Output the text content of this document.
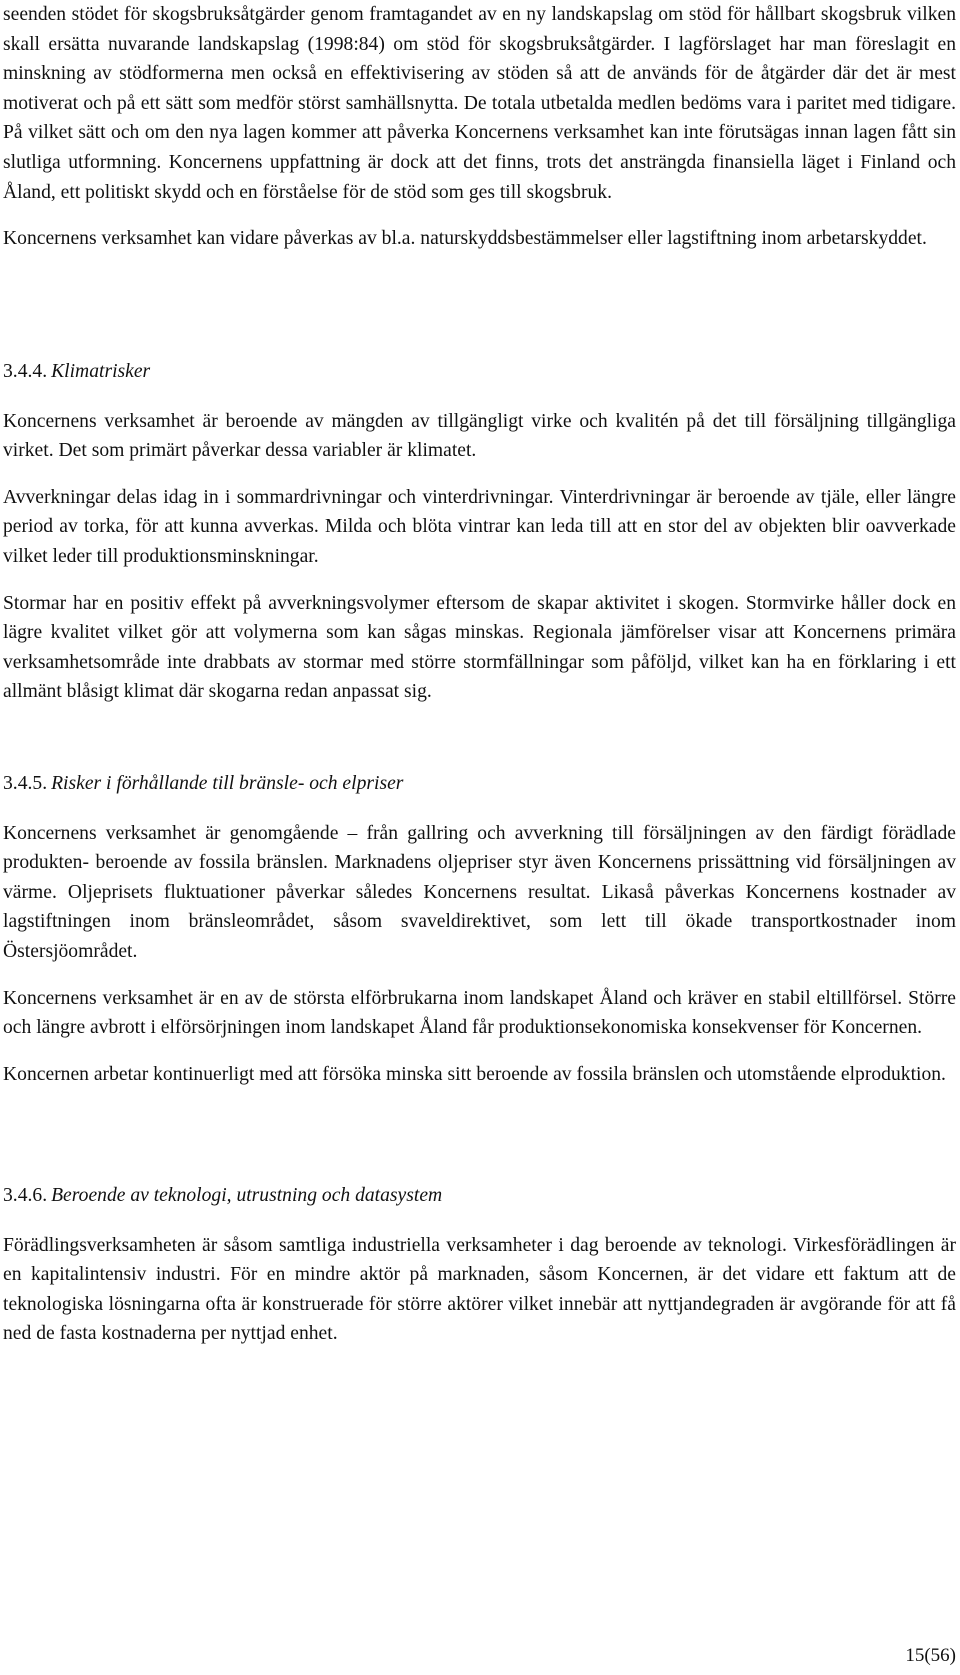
seenden stödet för skogsbruksåtgärder genom framtagandet av en ny landskapslag om stöd för hållbart skogsbruk vilken skall ersätta nuvarande landskapslag (1998:84) om stöd för skogsbruksåtgärder. I lagförslaget har man föreslagit en minskning av stödformerna men också en effektivisering av stöden så att de används för de åtgärder där det är mest motiverat och på ett sätt som medför störst samhällsnytta. De totala utbetalda medlen bedöms vara i paritet med tidigare. På vilket sätt och om den nya lagen kommer att påverka Koncernens verksamhet kan inte förutsägas innan lagen fått sin slutliga utformning. Koncernens uppfattning är dock att det finns, trots det ansträngda finansiella läget i Finland och Åland, ett politiskt skydd och en förståelse för de stöd som ges till skogsbruk.

Koncernens verksamhet kan vidare påverkas av bl.a. naturskyddsbestämmelser eller lagstiftning inom arbetarskyddet.

3.4.4. Klimatrisker

Koncernens verksamhet är beroende av mängden av tillgängligt virke och kvalitén på det till försäljning tillgängliga virket. Det som primärt påverkar dessa variabler är klimatet.

Avverkningar delas idag in i sommardrivningar och vinterdrivningar. Vinterdrivningar är beroende av tjäle, eller längre period av torka, för att kunna avverkas. Milda och blöta vintrar kan leda till att en stor del av objekten blir oavverkade vilket leder till produktionsminskningar.

Stormar har en positiv effekt på avverkningsvolymer eftersom de skapar aktivitet i skogen. Stormvirke håller dock en lägre kvalitet vilket gör att volymerna som kan sågas minskas. Regionala jämförelser visar att Koncernens primära verksamhetsområde inte drabbats av stormar med större stormfällningar som påföljd, vilket kan ha en förklaring i ett allmänt blåsigt klimat där skogarna redan anpassat sig.

3.4.5. Risker i förhållande till bränsle- och elpriser

Koncernens verksamhet är genomgående – från gallring och avverkning till försäljningen av den färdigt förädlade produkten- beroende av fossila bränslen. Marknadens oljepriser styr även Koncernens prissättning vid försäljningen av värme. Oljeprisets fluktuationer påverkar således Koncernens resultat. Likaså påverkas Koncernens kostnader av lagstiftningen inom bränsleområdet, såsom svaveldirektivet, som lett till ökade transportkostnader inom Östersjöområdet.

Koncernens verksamhet är en av de största elförbrukarna inom landskapet Åland och kräver en stabil eltillförsel. Större och längre avbrott i elförsörjningen inom landskapet Åland får produktionsekonomiska konsekvenser för Koncernen.

Koncernen arbetar kontinuerligt med att försöka minska sitt beroende av fossila bränslen och utomstående elproduktion.

3.4.6. Beroende av teknologi, utrustning och datasystem

Förädlingsverksamheten är såsom samtliga industriella verksamheter i dag beroende av teknologi. Virkesförädlingen är en kapitalintensiv industri. För en mindre aktör på marknaden, såsom Koncernen, är det vidare ett faktum att de teknologiska lösningarna ofta är konstruerade för större aktörer vilket innebär att nyttjandegraden är avgörande för att få ned de fasta kostnaderna per nyttjad enhet.

15(56)
